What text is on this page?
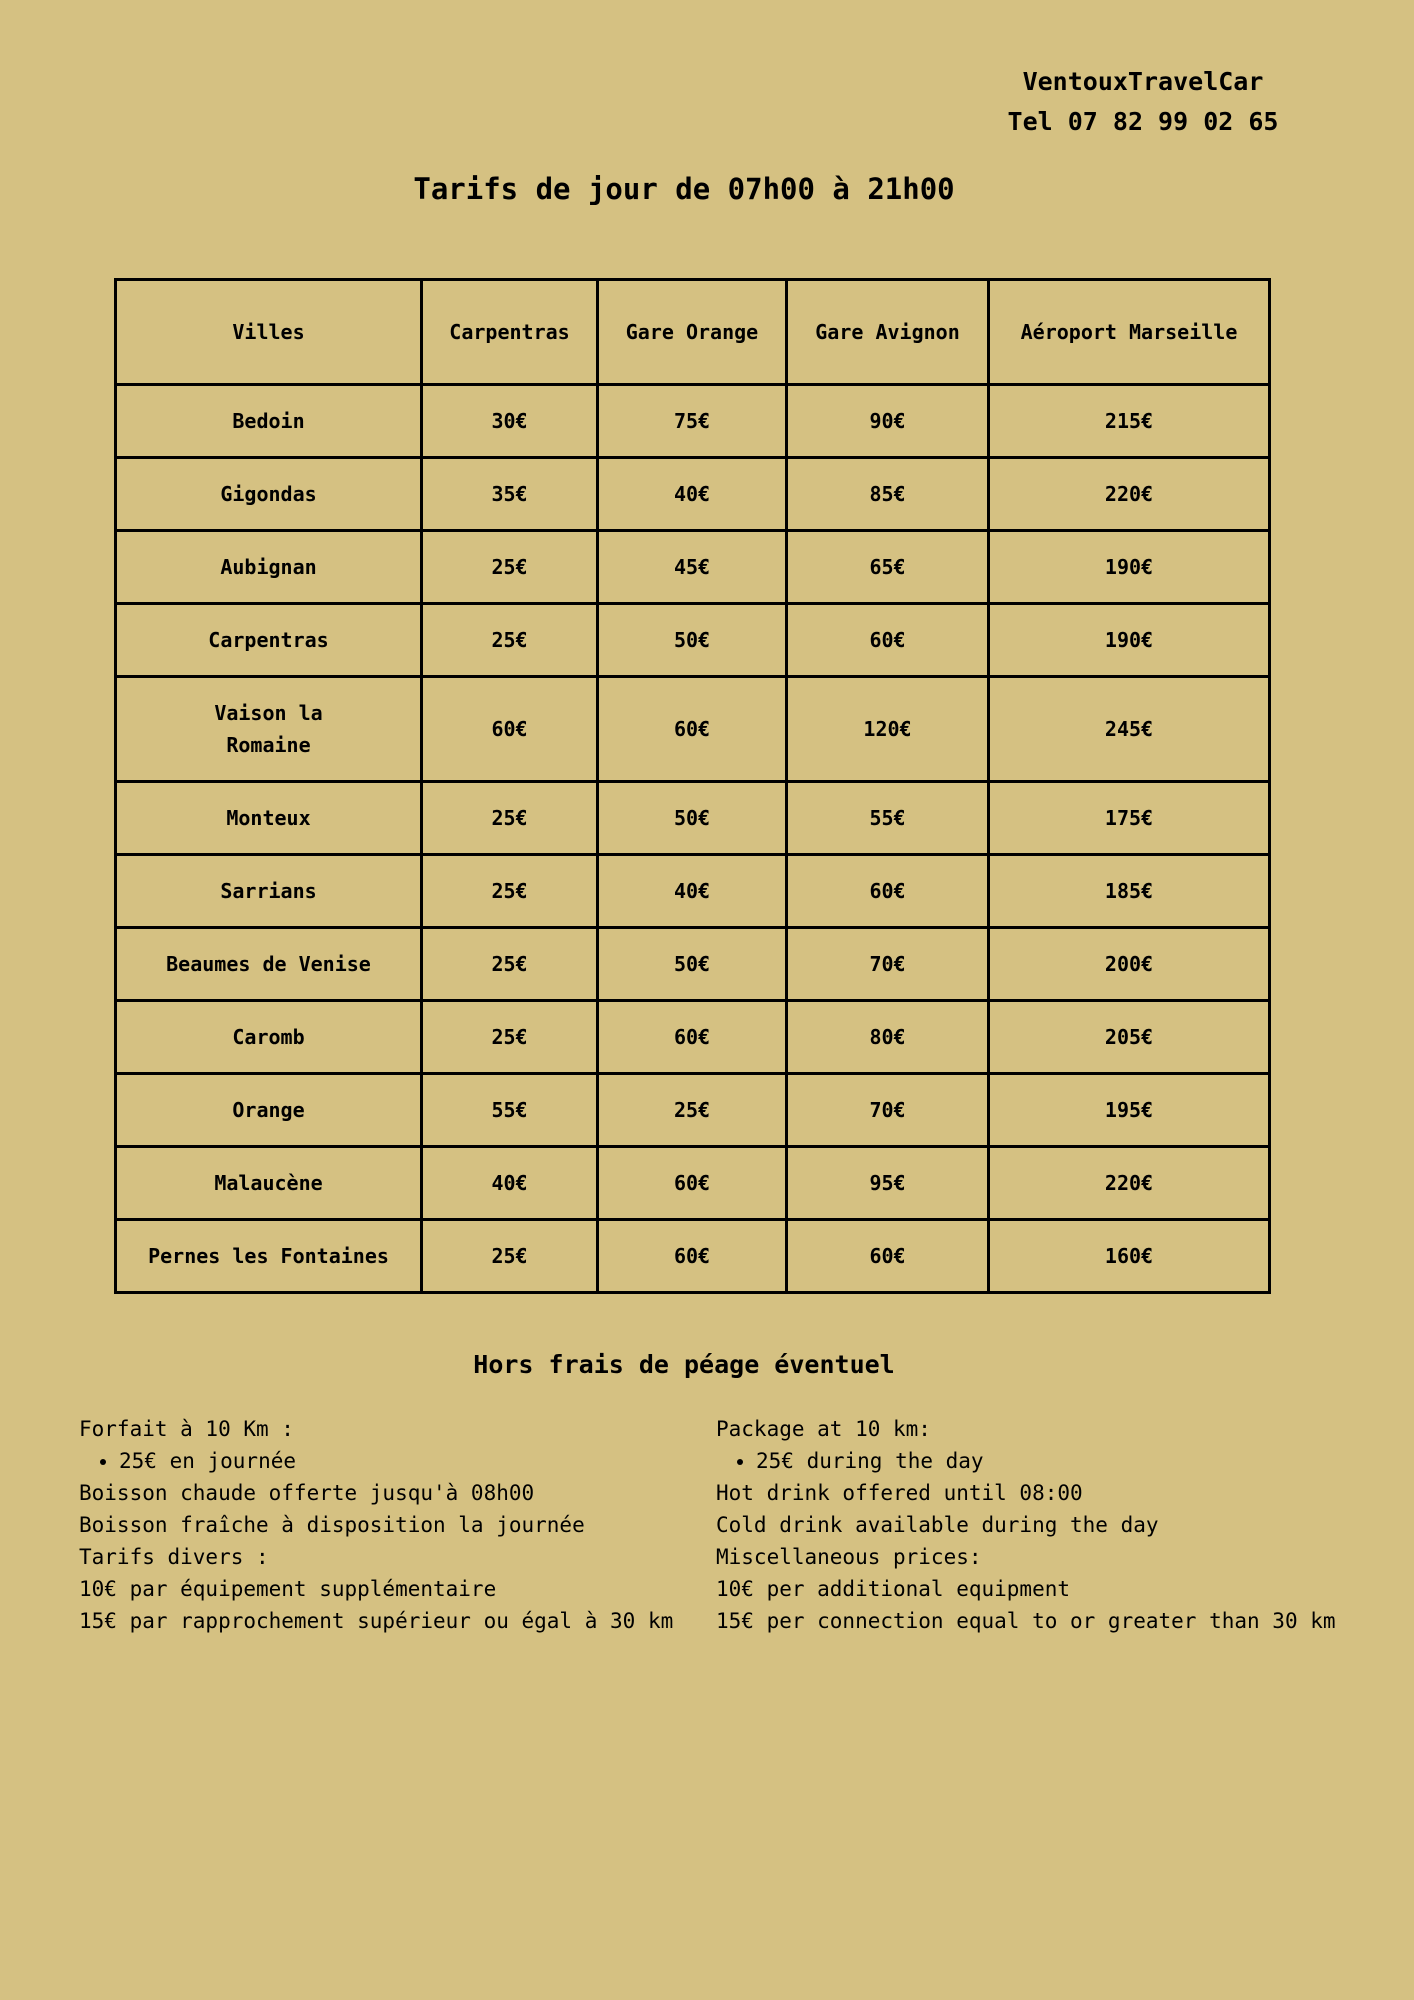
VentouxTravelCar
Tel 07 82 99 02 65
Tarifs de jour de 07h00 à 21h00
Villes	Carpentras	Gare Orange	Gare Avignon	Aéroport Marseille
Bedoin	30€	75€	90€	215€
Gigondas	35€	40€	85€	220€
Aubignan	25€	45€	65€	190€
Carpentras	25€	50€	60€	190€
Vaison la Romaine	60€	60€	120€	245€
Monteux	25€	50€	55€	175€
Sarrians	25€	40€	60€	185€
Beaumes de Venise	25€	50€	70€	200€
Caromb	25€	60€	80€	205€
Orange	55€	25€	70€	195€
Malaucène	40€	60€	95€	220€
Pernes les Fontaines	25€	60€	60€	160€
Hors frais de péage éventuel

Forfait à 10 Km :

• 25€ en journée

Boisson chaude offerte jusqu'à 08h00

Boisson fraîche à disposition la journée

Tarifs divers :

10€ par équipement supplémentaire

15€ par rapprochement supérieur ou égal à 30 km

Package at 10 km:

• 25€ during the day

Hot drink offered until 08:00

Cold drink available during the day

Miscellaneous prices:

10€ per additional equipment

15€ per connection equal to or greater than 30 km
